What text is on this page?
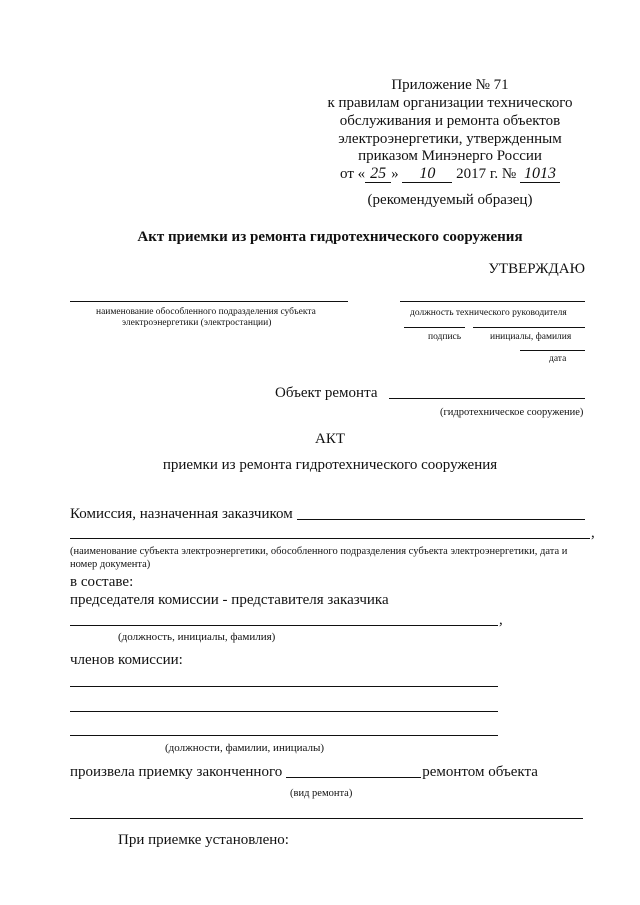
Приложение № 71
к правилам организации технического
обслуживания и ремонта объектов
электроэнергетики, утвержденным
приказом Минэнерго России
от « 25 » 10 2017 г. № 1013
(рекомендуемый образец)
Акт приемки из ремонта гидротехнического сооружения
УТВЕРЖДАЮ
наименование обособленного подразделения субъекта
электроэнергетики (электростанции)
должность технического руководителя
подпись	инициалы, фамилия
дата
Объект ремонта
(гидротехническое сооружение)
АКТ
приемки из ремонта гидротехнического сооружения
Комиссия, назначенная заказчиком
,
(наименование субъекта электроэнергетики, обособленного подразделения субъекта электроэнергетики, дата и
номер документа)
в составе:
председателя комиссии - представителя заказчика
,
(должность, инициалы, фамилия)
членов комиссии:
(должности, фамилии, инициалы)
произвела приемку законченного	ремонтом объекта
(вид ремонта)
При приемке установлено:
